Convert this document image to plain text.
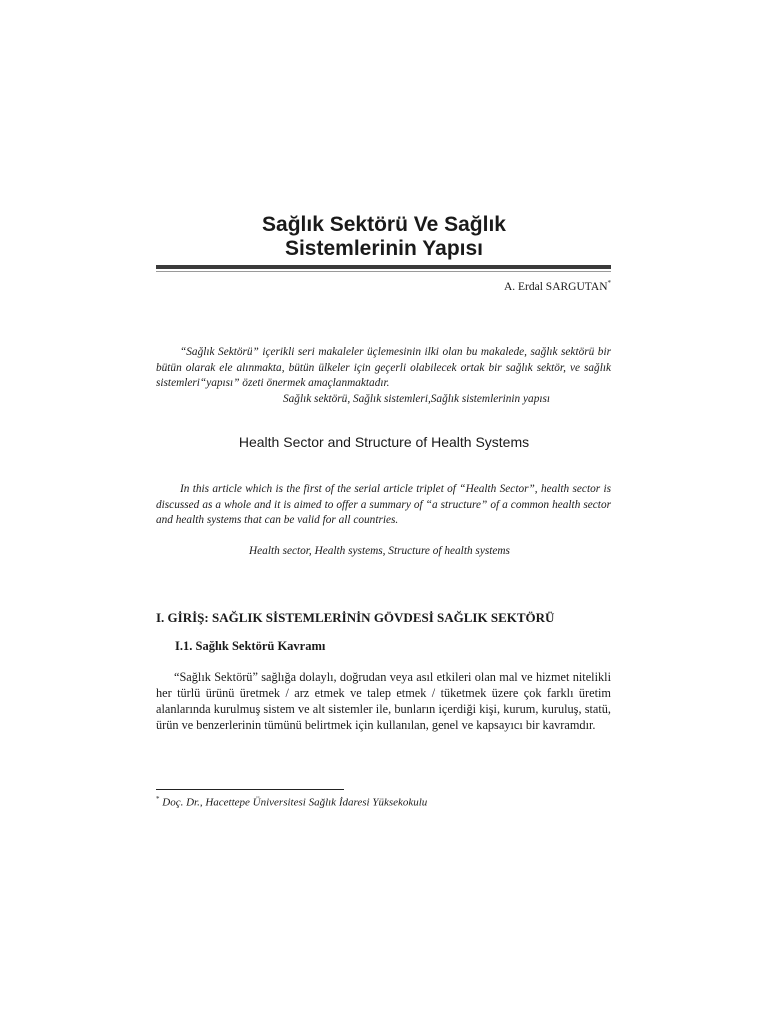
Sağlık Sektörü Ve Sağlık
Sistemlerinin Yapısı
A. Erdal SARGUTAN*

“Sağlık Sektörü” içerikli seri makaleler üçlemesinin ilki olan bu makalede, sağlık sektörü bir bütün olarak ele alınmakta, bütün ülkeler için geçerli olabilecek ortak bir sağlık sektör, ve sağlık sistemleri“yapısı” özeti önermek amaçlanmaktadır.

Sağlık sektörü, Sağlık sistemleri,Sağlık sistemlerinin yapısı
Health Sector and Structure of Health Systems

In this article which is the first of the serial article triplet of “Health Sector”, health sector is discussed as a whole and it is aimed to offer a summary of “a structure” of a common health sector and health systems that can be valid for all countries.

Health sector, Health systems, Structure of health systems
I. GİRİŞ: SAĞLIK SİSTEMLERİNİN GÖVDESİ SAĞLIK SEKTÖRÜ
I.1. Sağlık Sektörü Kavramı

“Sağlık Sektörü” sağlığa dolaylı, doğrudan veya asıl etkileri olan mal ve hizmet nitelikli her türlü ürünü üretmek / arz etmek ve talep etmek / tüketmek üzere çok farklı üretim alanlarında kurulmuş sistem ve alt sistemler ile, bunların içerdiği kişi, kurum, kuruluş, statü, ürün ve benzerlerinin tümünü belirtmek için kullanılan, genel ve kapsayıcı bir kavramdır.

* Doç. Dr., Hacettepe Üniversitesi Sağlık İdaresi Yüksekokulu
